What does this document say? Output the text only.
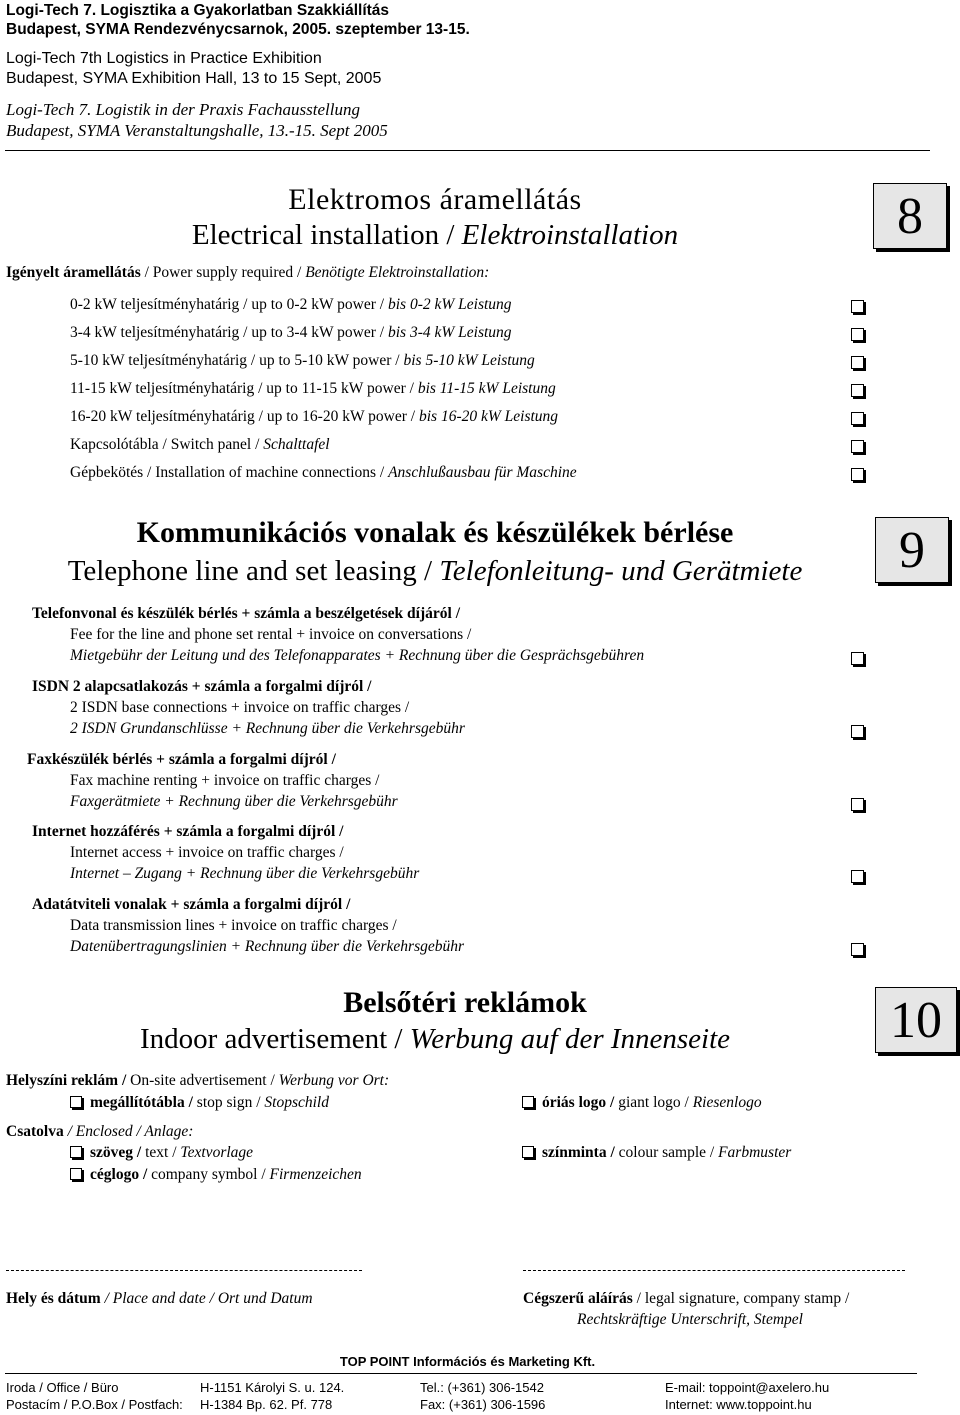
Logi-Tech 7. Logisztika a Gyakorlatban Szakkiállítás
Budapest, SYMA Rendezvénycsarnok, 2005. szeptember 13-15.
Logi-Tech 7th Logistics in Practice Exhibition
Budapest, SYMA Exhibition Hall, 13 to 15 Sept, 2005
Logi-Tech 7. Logistik in der Praxis Fachausstellung
Budapest, SYMA Veranstaltungshalle, 13.-15. Sept 2005
Elektromos áramellátás
Electrical installation / Elektroinstallation	8
Igényelt áramellátás / Power supply required / Benötigte Elektroinstallation:
0-2 kW teljesítményhatárig / up to 0-2 kW power / bis 0-2 kW Leistung
3-4 kW teljesítményhatárig / up to 3-4 kW power / bis 3-4 kW Leistung
5-10 kW teljesítményhatárig / up to 5-10 kW power / bis 5-10 kW Leistung
11-15 kW teljesítményhatárig / up to 11-15 kW power / bis 11-15 kW Leistung
16-20 kW teljesítményhatárig / up to 16-20 kW power / bis 16-20 kW Leistung
Kapcsolótábla / Switch panel / Schalttafel
Gépbekötés / Installation of machine connections / Anschlußausbau für Maschine
Kommunikációs vonalak és készülékek bérlése
Telephone line and set leasing / Telefonleitung- und Gerätmiete	9
Telefonvonal és készülék bérlés + számla a beszélgetések díjáról /
Fee for the line and phone set rental + invoice on conversations /
Mietgebühr der Leitung und des Telefonapparates + Rechnung über die Gesprächsgebühren
ISDN 2 alapcsatlakozás + számla a forgalmi díjról /
2 ISDN base connections + invoice on traffic charges /
2 ISDN Grundanschlüsse + Rechnung über die Verkehrsgebühr
Faxkészülék bérlés + számla a forgalmi díjról /
Fax machine renting + invoice on traffic charges /
Faxgerätmiete + Rechnung über die Verkehrsgebühr
Internet hozzáférés + számla a forgalmi díjról /
Internet access + invoice on traffic charges /
Internet – Zugang + Rechnung über die Verkehrsgebühr
Adatátviteli vonalak + számla a forgalmi díjról /
Data transmission lines + invoice on traffic charges /
Datenübertragungslinien + Rechnung über die Verkehrsgebühr
Belsőtéri reklámok
Indoor advertisement / Werbung auf der Innenseite	10
Helyszíni reklám / On-site advertisement / Werbung vor Ort:
megállítótábla / stop sign / Stopschild	óriás logo / giant logo / Riesenlogo
Csatolva / Enclosed / Anlage:
szöveg / text / Textvorlage	színminta / colour sample / Farbmuster
céglogo / company symbol / Firmenzeichen
Hely és dátum / Place and date / Ort und Datum	Cégszerű aláírás / legal signature, company stamp /
Rechtskräftige Unterschrift, Stempel
TOP POINT Információs és Marketing Kft.
Iroda / Office / Büro	H-1151 Károlyi S. u. 124.	Tel.: (+361) 306-1542	E-mail: toppoint@axelero.hu
Postacím / P.O.Box / Postfach: H-1384 Bp. 62. Pf. 778	Fax: (+361) 306-1596	Internet: www.toppoint.hu
